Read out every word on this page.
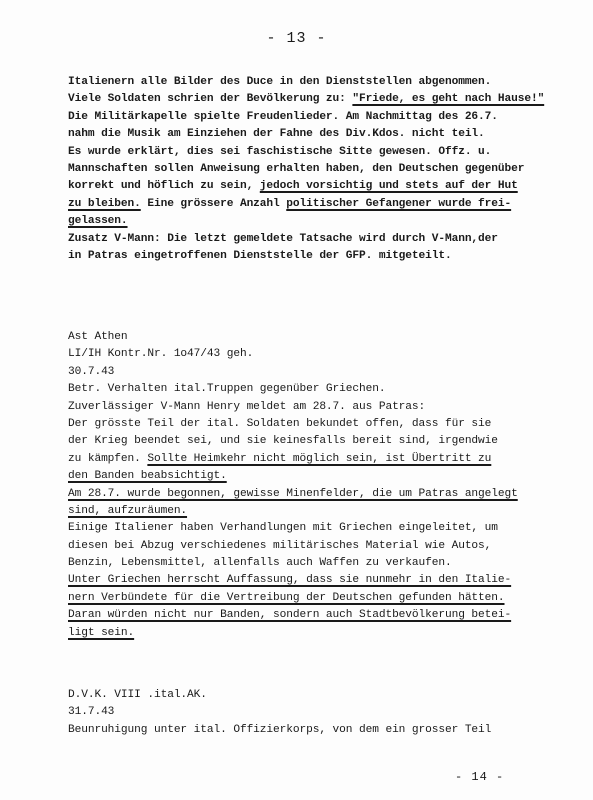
- 13 -
Italienern alle Bilder des Duce in den Dienststellen abgenommen.
Viele Soldaten schrien der Bevölkerung zu: "Friede, es geht nach Hause!"
Die Militärkapelle spielte Freudenlieder. Am Nachmittag des 26.7.
nahm die Musik am Einziehen der Fahne des Div.Kdos. nicht teil.
Es wurde erklärt, dies sei faschistische Sitte gewesen. Offz. u.
Mannschaften sollen Anweisung erhalten haben, den Deutschen gegenüber
korrekt und höflich zu sein, jedoch vorsichtig und stets auf der Hut
zu bleiben. Eine grössere Anzahl politischer Gefangener wurde frei-
gelassen.
Zusatz V-Mann: Die letzt gemeldete Tatsache wird durch V-Mann,der
in Patras eingetroffenen Dienststelle der GFP. mitgeteilt.
Ast Athen
LI/IH Kontr.Nr. 1o47/43 geh.
30.7.43
Betr. Verhalten ital.Truppen gegenüber Griechen.
Zuverlässiger V-Mann Henry meldet am 28.7. aus Patras:
Der grösste Teil der ital. Soldaten bekundet offen, dass für sie
der Krieg beendet sei, und sie keinesfalls bereit sind, irgendwie
zu kämpfen. Sollte Heimkehr nicht möglich sein, ist Übertritt zu
den Banden beabsichtigt.
Am 28.7. wurde begonnen, gewisse Minenfelder, die um Patras angelegt
sind, aufzuräumen.
Einige Italiener haben Verhandlungen mit Griechen eingeleitet, um
diesen bei Abzug verschiedenes militärisches Material wie Autos,
Benzin, Lebensmittel, allenfalls auch Waffen zu verkaufen.
Unter Griechen herrscht Auffassung, dass sie nunmehr in den Italie-
nern Verbündete für die Vertreibung der Deutschen gefunden hätten.
Daran würden nicht nur Banden, sondern auch Stadtbevölkerung betei-
ligt sein.
D.V.K. VIII .ital.AK.
31.7.43
Beunruhigung unter ital. Offizierkorps, von dem ein grosser Teil
- 14 -
